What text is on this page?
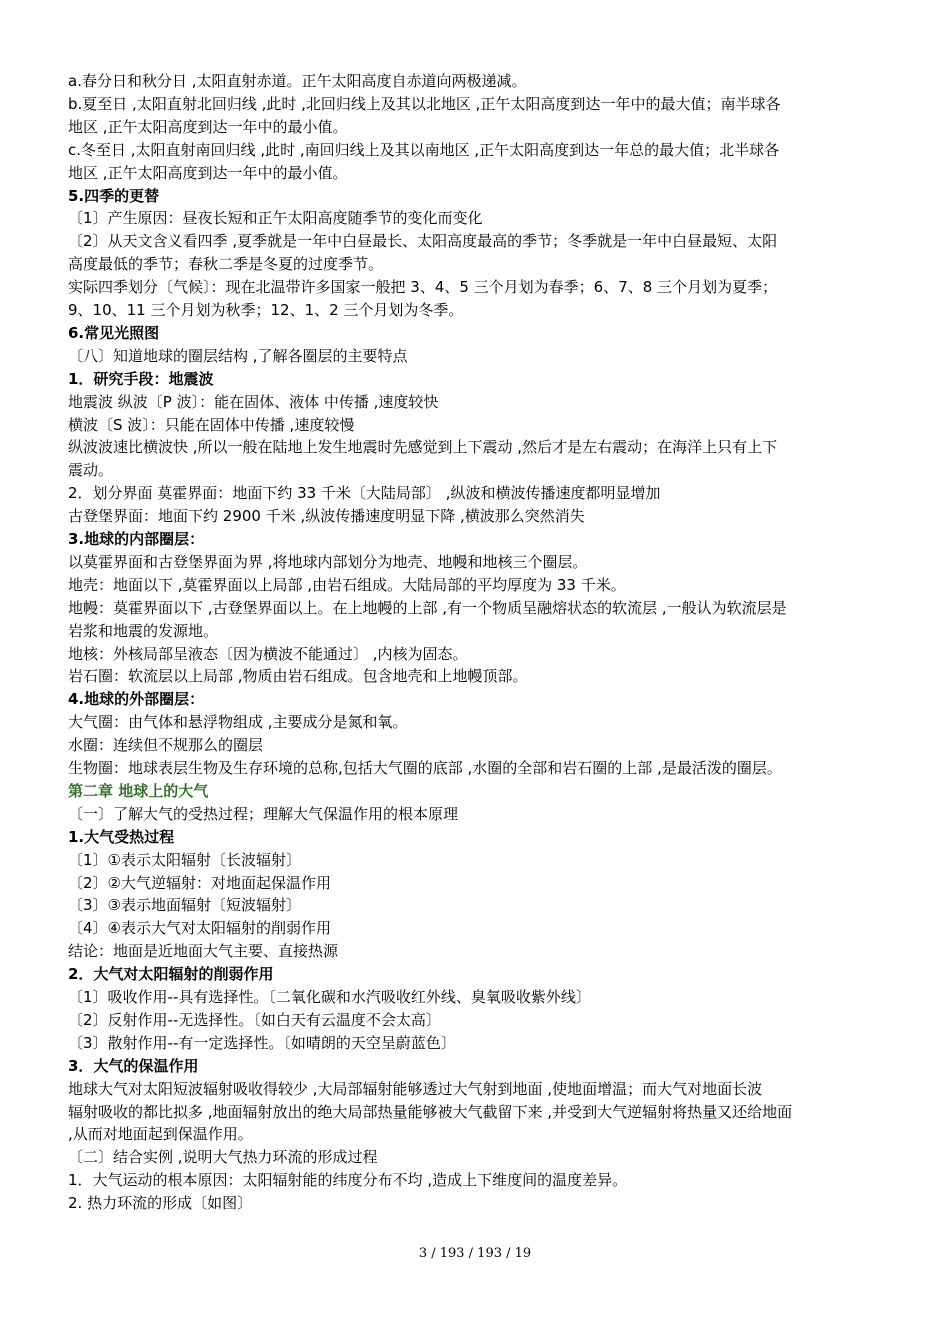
a.春分日和秋分日 ,太阳直射赤道。正午太阳高度自赤道向两极递减。
b.夏至日 ,太阳直射北回归线 ,此时 ,北回归线上及其以北地区 ,正午太阳高度到达一年中的最大值；南半球各
地区 ,正午太阳高度到达一年中的最小值。
c.冬至日 ,太阳直射南回归线 ,此时 ,南回归线上及其以南地区 ,正午太阳高度到达一年总的最大值；北半球各
地区 ,正午太阳高度到达一年中的最小值。
5.四季的更替
〔1〕产生原因：昼夜长短和正午太阳高度随季节的变化而变化
〔2〕从天文含义看四季 ,夏季就是一年中白昼最长、太阳高度最高的季节；冬季就是一年中白昼最短、太阳
高度最低的季节；春秋二季是冬夏的过度季节。
实际四季划分〔气候〕：现在北温带许多国家一般把 3、4、5 三个月划为春季；6、7、8 三个月划为夏季；
9、10、11 三个月划为秋季；12、1、2 三个月划为冬季。
6.常见光照图
〔八〕知道地球的圈层结构 ,了解各圈层的主要特点
1．研究手段：地震波
地震波 纵波〔P 波〕：能在固体、液体 中传播 ,速度较快
横波〔S 波〕：只能在固体中传播 ,速度较慢
纵波波速比横波快 ,所以一般在陆地上发生地震时先感觉到上下震动 ,然后才是左右震动；在海洋上只有上下
震动。
2．划分界面 莫霍界面：地面下约 33 千米〔大陆局部〕 ,纵波和横波传播速度都明显增加
古登堡界面：地面下约 2900 千米 ,纵波传播速度明显下降 ,横波那么突然消失
3.地球的内部圈层：
以莫霍界面和古登堡界面为界 ,将地球内部划分为地壳、地幔和地核三个圈层。
地壳：地面以下 ,莫霍界面以上局部 ,由岩石组成。大陆局部的平均厚度为 33 千米。
地幔：莫霍界面以下 ,古登堡界面以上。在上地幔的上部 ,有一个物质呈融熔状态的软流层 ,一般认为软流层是
岩浆和地震的发源地。
地核：外核局部呈液态〔因为横波不能通过〕 ,内核为固态。
岩石圈：软流层以上局部 ,物质由岩石组成。包含地壳和上地幔顶部。
4.地球的外部圈层：
大气圈：由气体和悬浮物组成 ,主要成分是氮和氧。
水圈：连续但不规那么的圈层
生物圈：地球表层生物及生存环境的总称,包括大气圈的底部 ,水圈的全部和岩石圈的上部 ,是最活泼的圈层。
第二章 地球上的大气
〔一〕了解大气的受热过程；理解大气保温作用的根本原理
1.大气受热过程
〔1〕①表示太阳辐射〔长波辐射〕
〔2〕②大气逆辐射：对地面起保温作用
〔3〕③表示地面辐射〔短波辐射〕
〔4〕④表示大气对太阳辐射的削弱作用
结论：地面是近地面大气主要、直接热源
2．大气对太阳辐射的削弱作用
〔1〕吸收作用--具有选择性。〔二氧化碳和水汽吸收红外线、臭氧吸收紫外线〕
〔2〕反射作用--无选择性。〔如白天有云温度不会太高〕
〔3〕散射作用--有一定选择性。〔如晴朗的天空呈蔚蓝色〕
3．大气的保温作用
地球大气对太阳短波辐射吸收得较少 ,大局部辐射能够透过大气射到地面 ,使地面增温；而大气对地面长波
辐射吸收的都比拟多 ,地面辐射放出的绝大局部热量能够被大气截留下来 ,并受到大气逆辐射将热量又还给地面
,从而对地面起到保温作用。
〔二〕结合实例 ,说明大气热力环流的形成过程
1．大气运动的根本原因：太阳辐射能的纬度分布不均 ,造成上下维度间的温度差异。
2. 热力环流的形成〔如图〕
3 / 193 / 193 / 19
